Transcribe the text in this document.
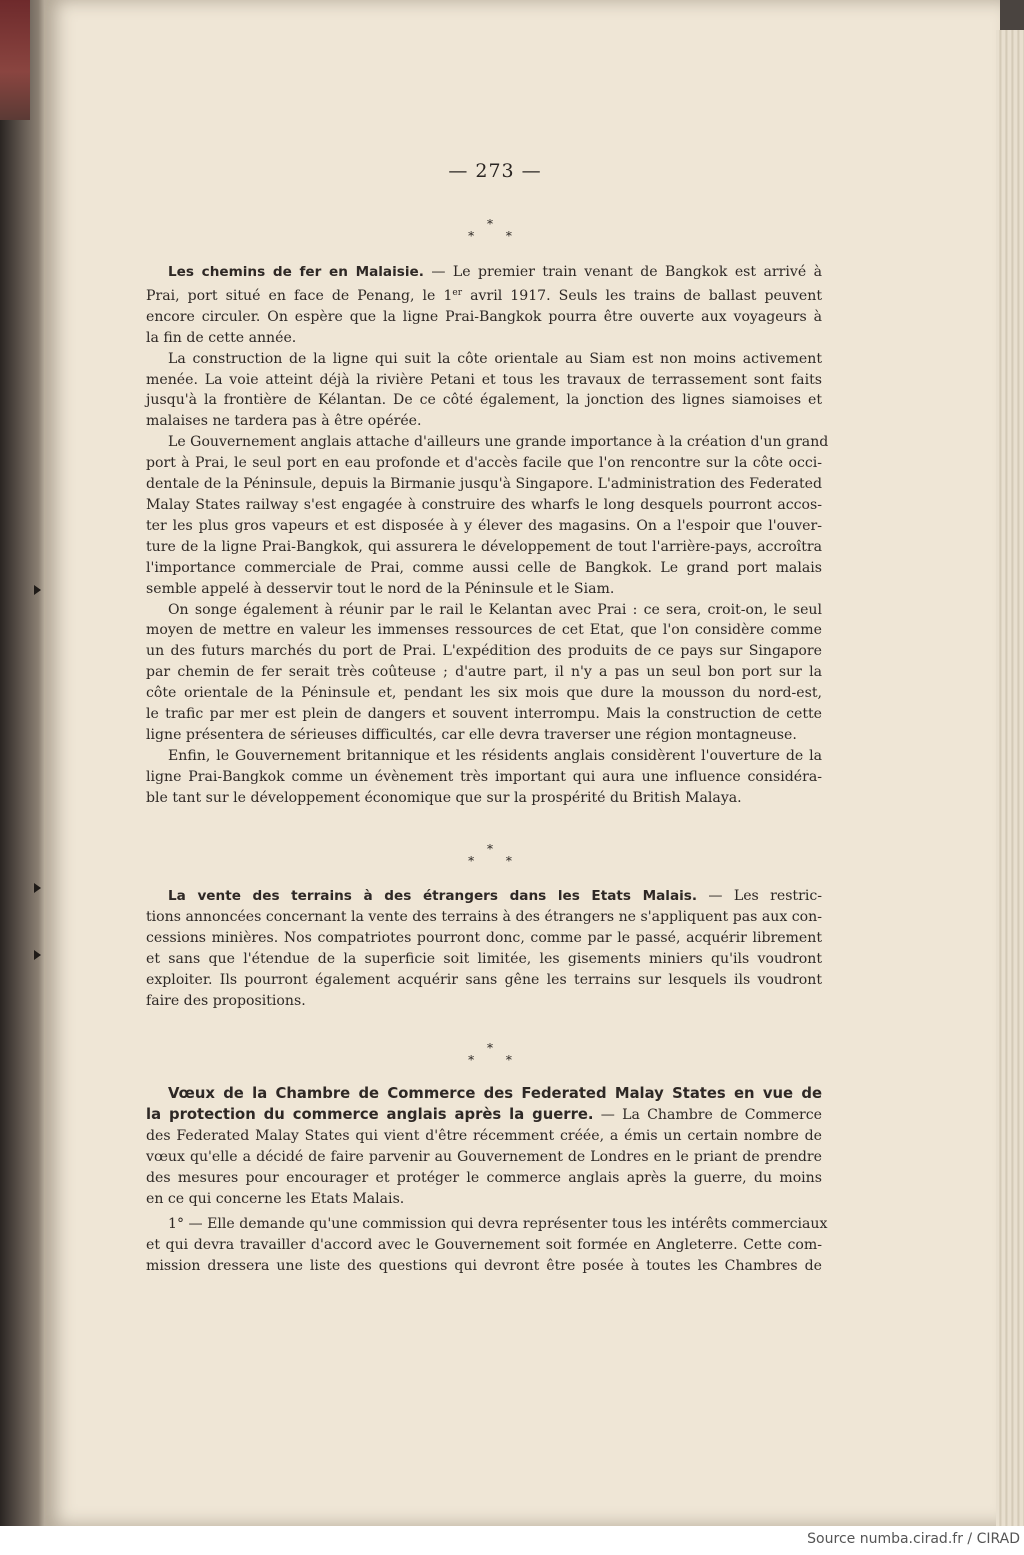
— 273 —
*
* *
Les chemins de fer en Malaisie. — Le premier train venant de Bangkok est arrivé à
Prai, port situé en face de Penang, le 1er avril 1917. Seuls les trains de ballast peuvent
encore circuler. On espère que la ligne Prai-Bangkok pourra être ouverte aux voyageurs à
la fin de cette année.
La construction de la ligne qui suit la côte orientale au Siam est non moins activement
menée. La voie atteint déjà la rivière Petani et tous les travaux de terrassement sont faits
jusqu'à la frontière de Kélantan. De ce côté également, la jonction des lignes siamoises et
malaises ne tardera pas à être opérée.
Le Gouvernement anglais attache d'ailleurs une grande importance à la création d'un grand
port à Prai, le seul port en eau profonde et d'accès facile que l'on rencontre sur la côte occi-
dentale de la Péninsule, depuis la Birmanie jusqu'à Singapore. L'administration des Federated
Malay States railway s'est engagée à construire des wharfs le long desquels pourront accos-
ter les plus gros vapeurs et est disposée à y élever des magasins. On a l'espoir que l'ouver-
ture de la ligne Prai-Bangkok, qui assurera le développement de tout l'arrière-pays, accroîtra
l'importance commerciale de Prai, comme aussi celle de Bangkok. Le grand port malais
semble appelé à desservir tout le nord de la Péninsule et le Siam.
On songe également à réunir par le rail le Kelantan avec Prai : ce sera, croit-on, le seul
moyen de mettre en valeur les immenses ressources de cet Etat, que l'on considère comme
un des futurs marchés du port de Prai. L'expédition des produits de ce pays sur Singapore
par chemin de fer serait très coûteuse ; d'autre part, il n'y a pas un seul bon port sur la
côte orientale de la Péninsule et, pendant les six mois que dure la mousson du nord-est,
le trafic par mer est plein de dangers et souvent interrompu. Mais la construction de cette
ligne présentera de sérieuses difficultés, car elle devra traverser une région montagneuse.
Enfin, le Gouvernement britannique et les résidents anglais considèrent l'ouverture de la
ligne Prai-Bangkok comme un évènement très important qui aura une influence considéra-
ble tant sur le développement économique que sur la prospérité du British Malaya.
*
* *
La vente des terrains à des étrangers dans les Etats Malais. — Les restric-
tions annoncées concernant la vente des terrains à des étrangers ne s'appliquent pas aux con-
cessions minières. Nos compatriotes pourront donc, comme par le passé, acquérir librement
et sans que l'étendue de la superficie soit limitée, les gisements miniers qu'ils voudront
exploiter. Ils pourront également acquérir sans gêne les terrains sur lesquels ils voudront
faire des propositions.
*
* *
Vœux de la Chambre de Commerce des Federated Malay States en vue de
la protection du commerce anglais après la guerre. — La Chambre de Commerce
des Federated Malay States qui vient d'être récemment créée, a émis un certain nombre de
vœux qu'elle a décidé de faire parvenir au Gouvernement de Londres en le priant de prendre
des mesures pour encourager et protéger le commerce anglais après la guerre, du moins
en ce qui concerne les Etats Malais.
1° — Elle demande qu'une commission qui devra représenter tous les intérêts commerciaux
et qui devra travailler d'accord avec le Gouvernement soit formée en Angleterre. Cette com-
mission dressera une liste des questions qui devront être posée à toutes les Chambres de
Source numba.cirad.fr / CIRAD
